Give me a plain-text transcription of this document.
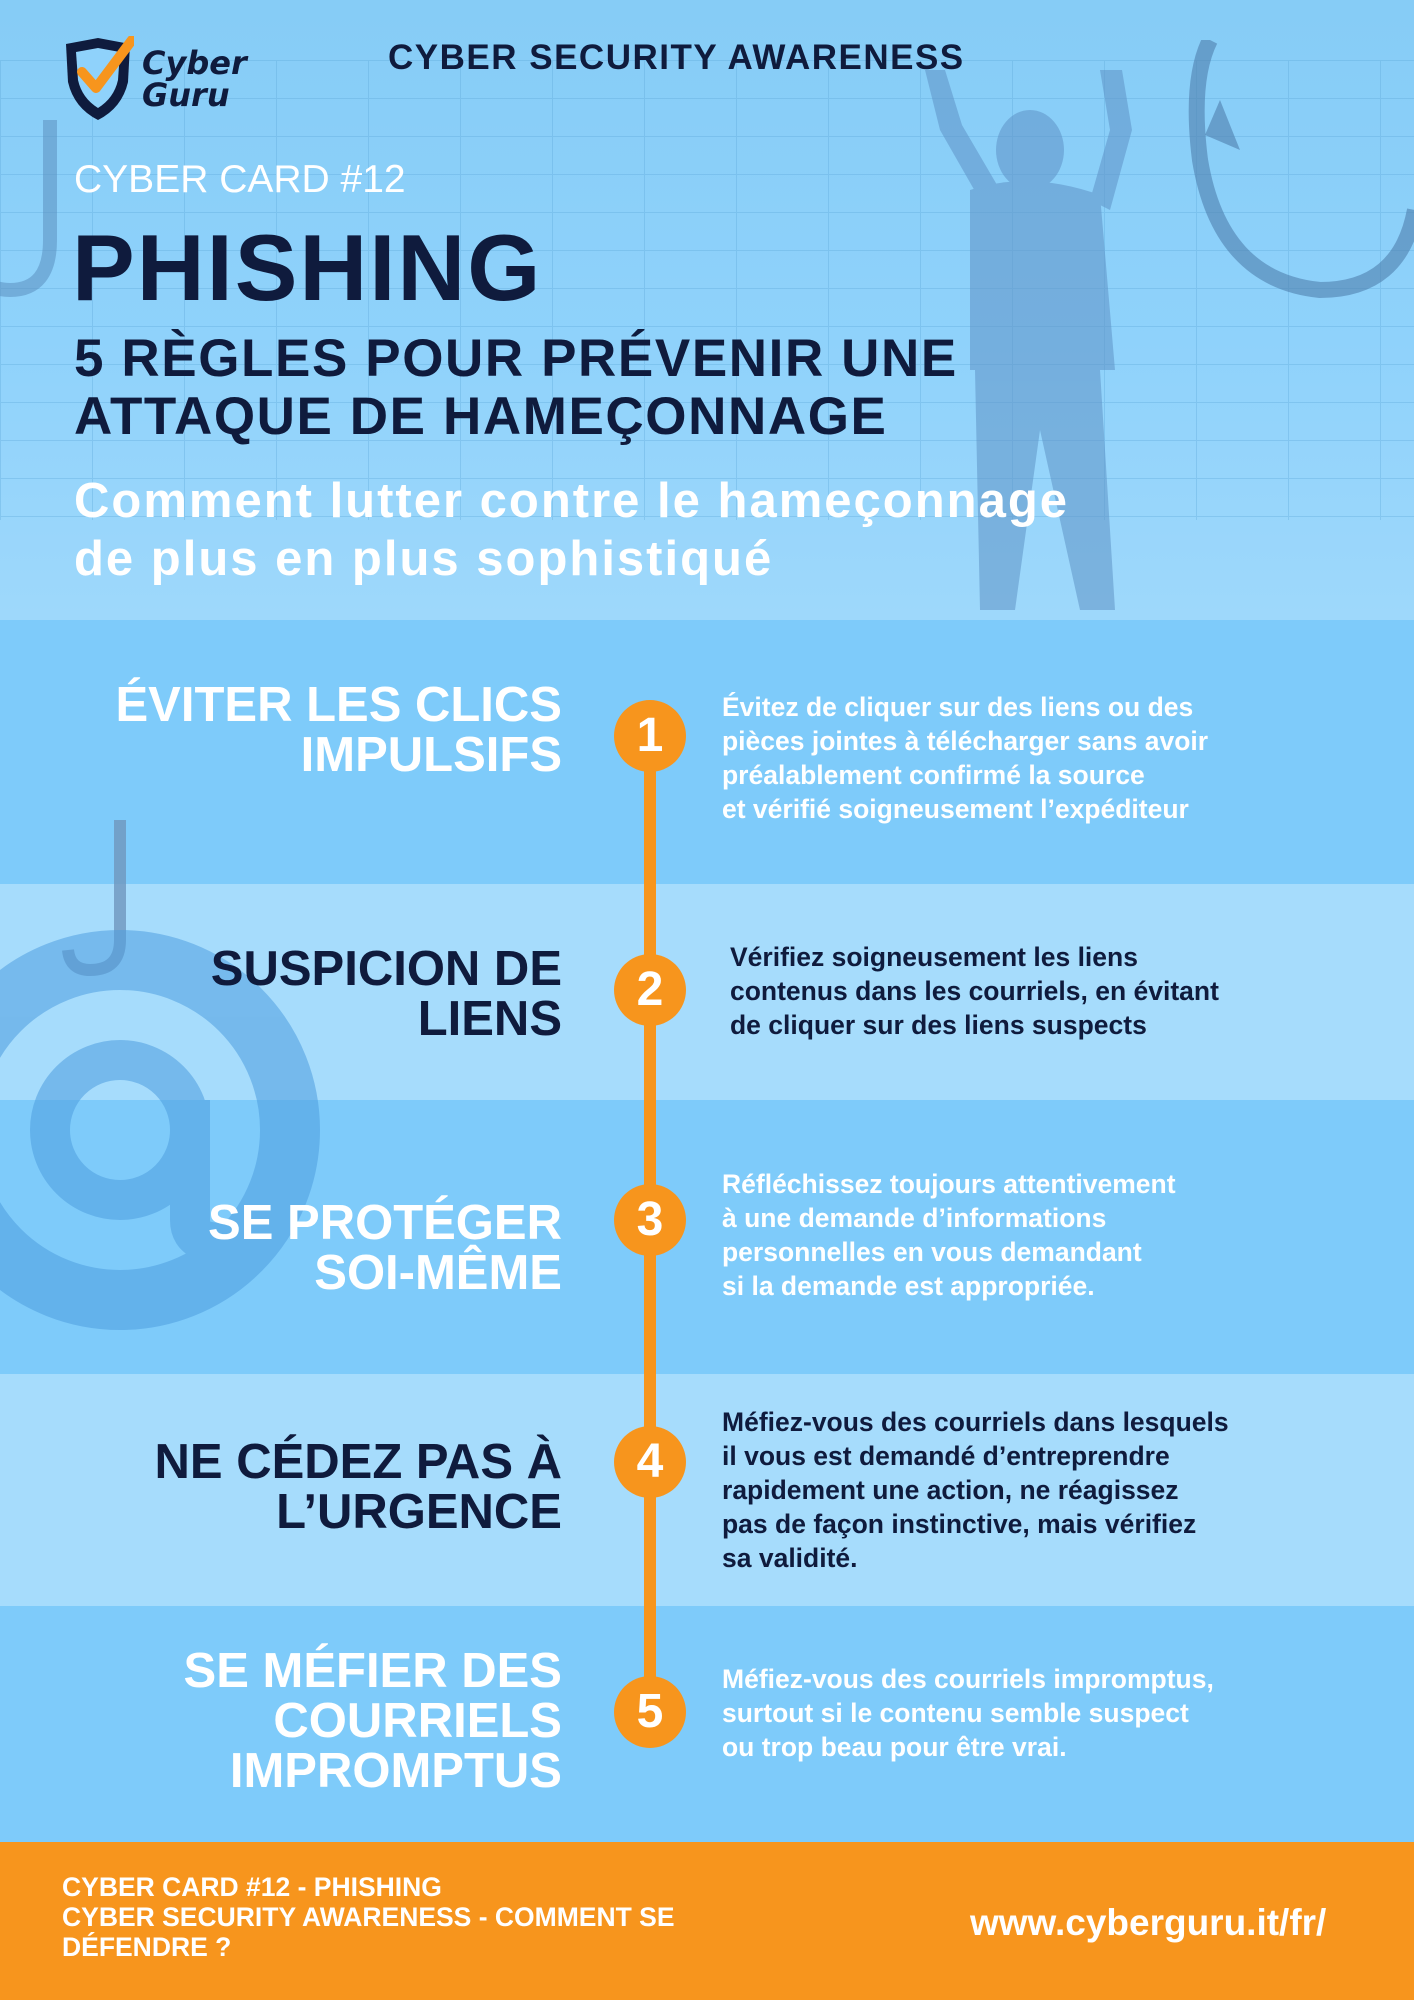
Cyber
Guru
CYBER SECURITY AWARENESS
CYBER CARD #12
PHISHING
5 RÈGLES POUR PRÉVENIR UNE
ATTAQUE DE HAMEÇONNAGE
Comment lutter contre le hameçonnage
de plus en plus sophistiqué
ÉVITER LES CLICS
IMPULSIFS
SUSPICION DE
LIENS
SE PROTÉGER
SOI-MÊME
NE CÉDEZ PAS À
L’URGENCE
SE MÉFIER DES
COURRIELS
IMPROMPTUS
1
2
3
4
5
Évitez de cliquer sur des liens ou des
pièces jointes à télécharger sans avoir
préalablement confirmé la source
et vérifié soigneusement l’expéditeur
Vérifiez soigneusement les liens
contenus dans les courriels, en évitant
de cliquer sur des liens suspects
Réfléchissez toujours attentivement
à une demande d’informations
personnelles en vous demandant
si la demande est appropriée.
Méfiez-vous des courriels dans lesquels
il vous est demandé d’entreprendre
rapidement une action, ne réagissez
pas de façon instinctive, mais vérifiez
sa validité.
Méfiez-vous des courriels impromptus,
surtout si le contenu semble suspect
ou trop beau pour être vrai.
CYBER CARD #12 - PHISHING
CYBER SECURITY AWARENESS - COMMENT SE
DÉFENDRE ?
www.cyberguru.it/fr/
